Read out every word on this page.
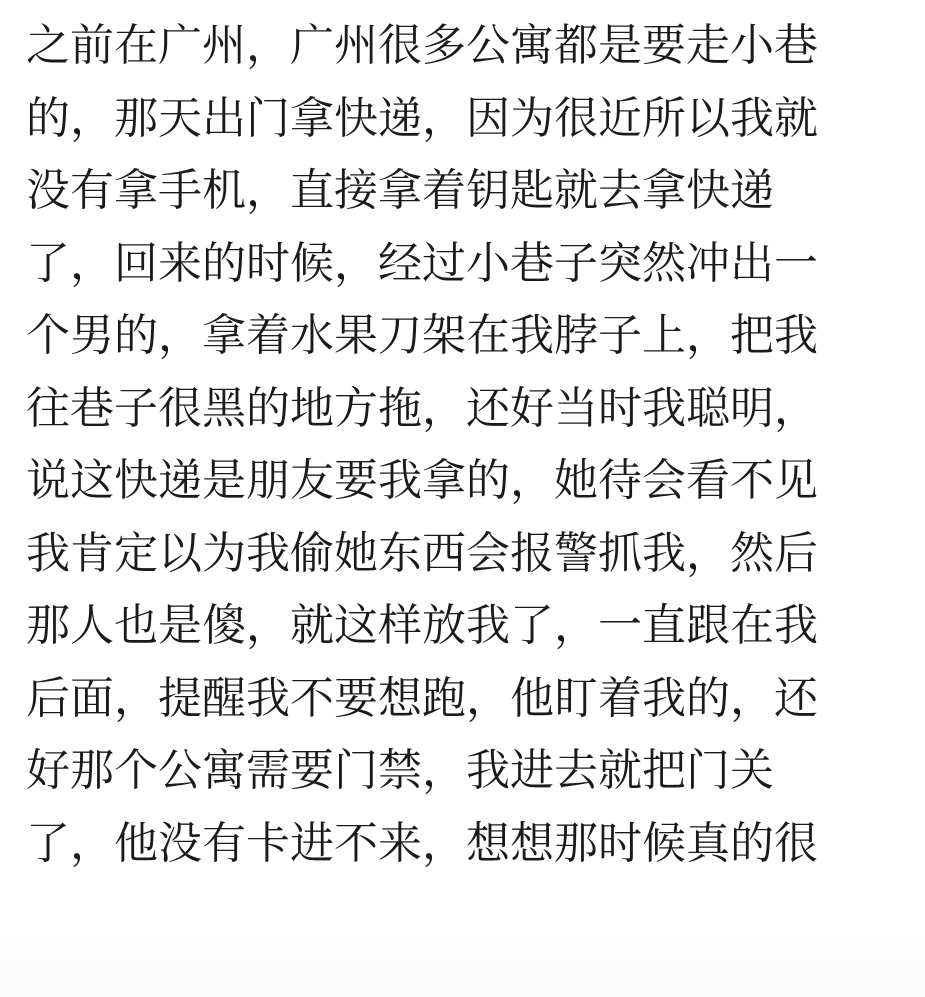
之前在广州，广州很多公寓都是要走小巷
的，那天出门拿快递，因为很近所以我就
没有拿手机，直接拿着钥匙就去拿快递
了，回来的时候，经过小巷子突然冲出一
个男的，拿着水果刀架在我脖子上，把我
往巷子很黑的地方拖，还好当时我聪明，
说这快递是朋友要我拿的，她待会看不见
我肯定以为我偷她东西会报警抓我，然后
那人也是傻，就这样放我了，一直跟在我
后面，提醒我不要想跑，他盯着我的，还
好那个公寓需要门禁，我进去就把门关
了，他没有卡进不来，想想那时候真的很
